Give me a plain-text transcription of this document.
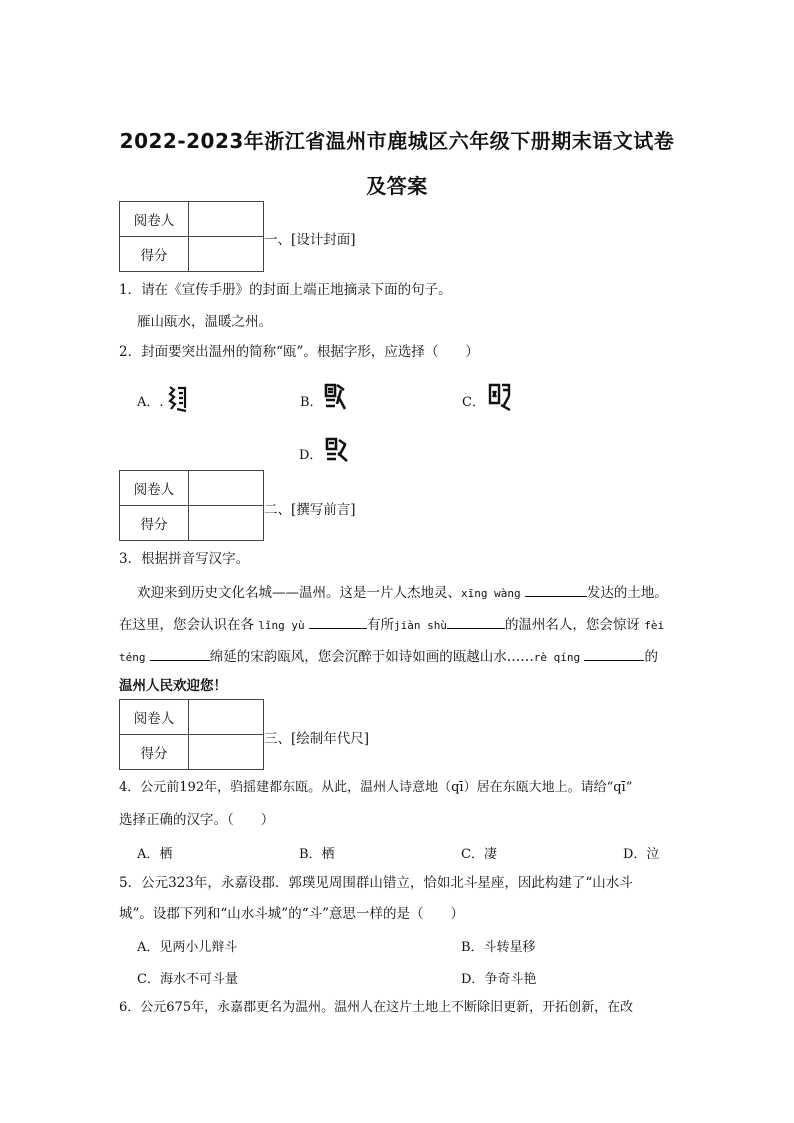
2022-2023年浙江省温州市鹿城区六年级下册期末语文试卷
及答案
阅卷人	
得分	
一、[设计封面]
1．请在《宣传手册》的封面上端正地摘录下面的句子。
雁山瓯水，温暖之州。
2．封面要突出温州的简称“瓯”。根据字形，应选择（　　）
A．.	B．	C．
D．
阅卷人	
得分	
二、[撰写前言]
3．根据拼音写汉字。
欢迎来到历史文化名城——温州。这是一片人杰地灵、xīng wàng	发达的土地。
在这里，您会认识在各 lǐng yù	有所jiàn shù	的温州名人，您会惊讶 fèi
téng	绵延的宋韵瓯风，您会沉醉于如诗如画的瓯越山水……rè qíng	的
温州人民欢迎您！
阅卷人	
得分	
三、[绘制年代尺]
4．公元前192年，驺摇建都东瓯。从此，温州人诗意地（qī）居在东瓯大地上。请给“qī”
选择正确的汉字。（　　）
A．栖	B．栖	C．凄	D．泣
5．公元323年，永嘉设郡．郭璞见周围群山错立，恰如北斗星座，因此构建了“山水斗
城”。设郡下列和“山水斗城”的“斗”意思一样的是（　　）
A．见两小儿辩斗	B．斗转星移
C．海水不可斗量	D．争奇斗艳
6．公元675年，永嘉郡更名为温州。温州人在这片土地上不断除旧更新，开拓创新，在改
